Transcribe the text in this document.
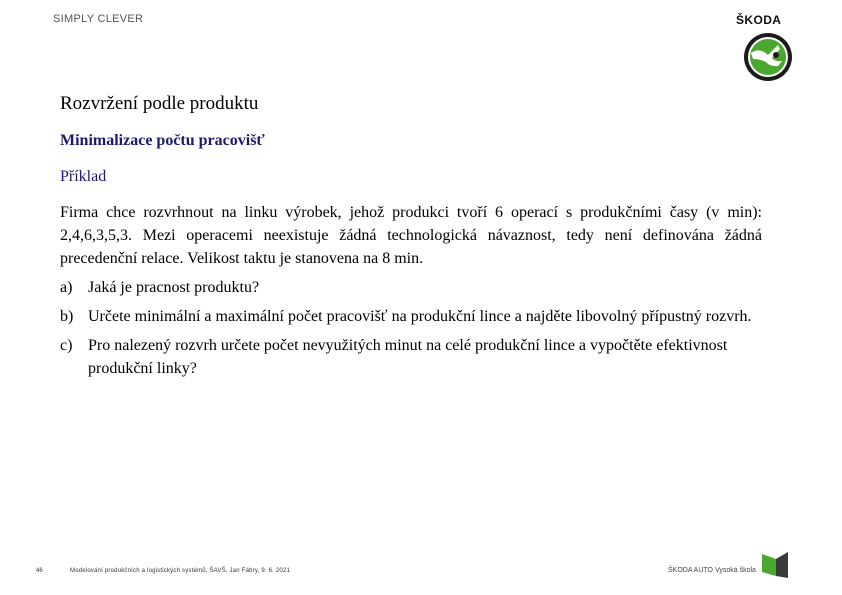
SIMPLY CLEVER	ŠKODA
Rozvržení podle produktu
Minimalizace počtu pracovišť
Příklad

Firma chce rozvrhnout na linku výrobek, jehož produkci tvoří 6 operací s produkčními časy (v min): 2,4,6,3,5,3. Mezi operacemi neexistuje žádná technologická návaznost, tedy není definována žádná precedenční relace. Velikost taktu je stanovena na 8 min.

a) Jaká je pracnost produktu?
b) Určete minimální a maximální počet pracovišť na produkční lince a najděte libovolný přípustný rozvrh.
c) Pro nalezený rozvrh určete počet nevyužitých minut na celé produkční lince a vypočtěte efektivnost produkční linky?
46	Modelování produkčních a logistických systémů, ŠAVŠ, Jan Fábry, 9. 6. 2021	ŠKODA AUTO Vysoká škola
